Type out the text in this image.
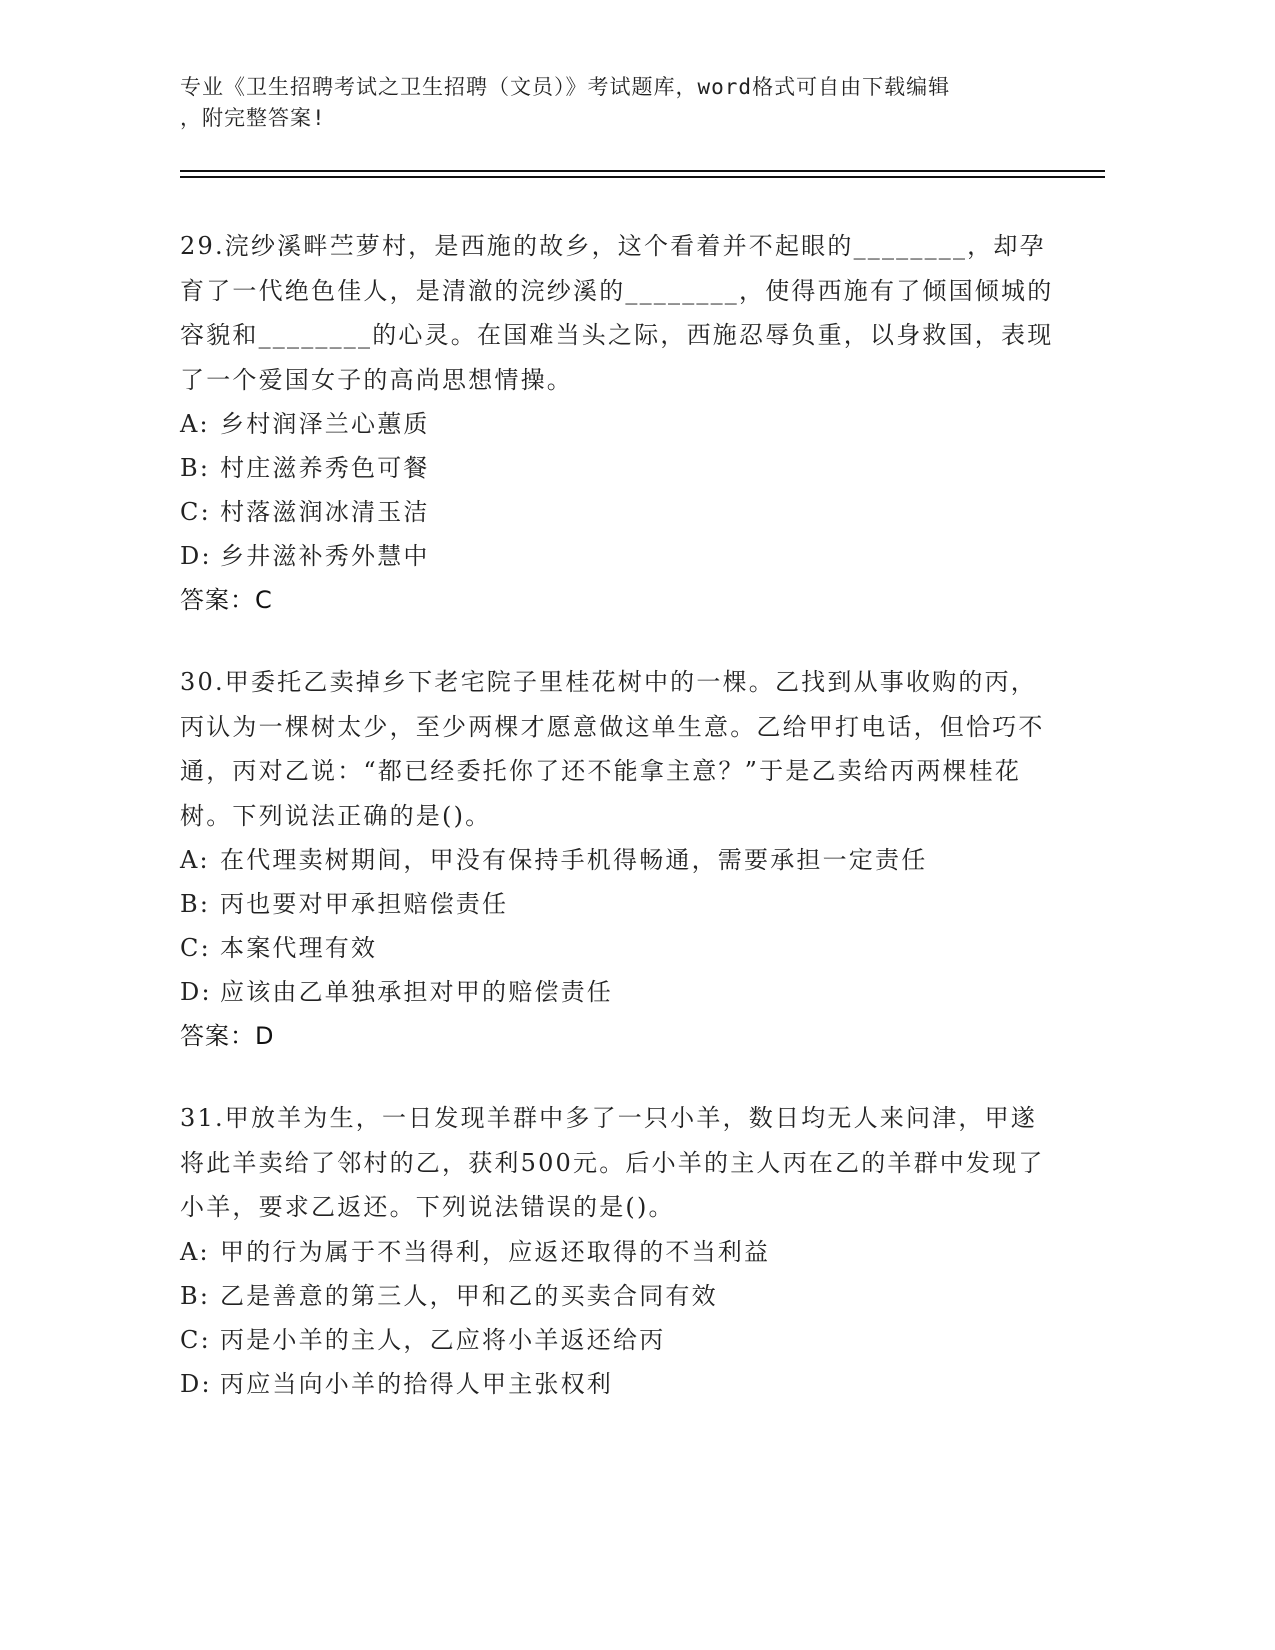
专业《卫生招聘考试之卫生招聘（文员）》考试题库，word格式可自由下载编辑
，附完整答案!

29.浣纱溪畔苎萝村，是西施的故乡，这个看着并不起眼的________，却孕育了一代绝色佳人，是清澈的浣纱溪的________，使得西施有了倾国倾城的容貌和________的心灵。在国难当头之际，西施忍辱负重，以身救国，表现了一个爱国女子的高尚思想情操。

A: 乡村润泽兰心蕙质

B: 村庄滋养秀色可餐

C: 村落滋润冰清玉洁

D: 乡井滋补秀外慧中

答案：C

30.甲委托乙卖掉乡下老宅院子里桂花树中的一棵。乙找到从事收购的丙，丙认为一棵树太少，至少两棵才愿意做这单生意。乙给甲打电话，但恰巧不通，丙对乙说：“都已经委托你了还不能拿主意？”于是乙卖给丙两棵桂花树。下列说法正确的是()。

A: 在代理卖树期间，甲没有保持手机得畅通，需要承担一定责任

B: 丙也要对甲承担赔偿责任

C: 本案代理有效

D: 应该由乙单独承担对甲的赔偿责任

答案：D

31.甲放羊为生，一日发现羊群中多了一只小羊，数日均无人来问津，甲遂将此羊卖给了邻村的乙，获利500元。后小羊的主人丙在乙的羊群中发现了小羊，要求乙返还。下列说法错误的是()。

A: 甲的行为属于不当得利，应返还取得的不当利益

B: 乙是善意的第三人，甲和乙的买卖合同有效

C: 丙是小羊的主人，乙应将小羊返还给丙

D: 丙应当向小羊的拾得人甲主张权利
